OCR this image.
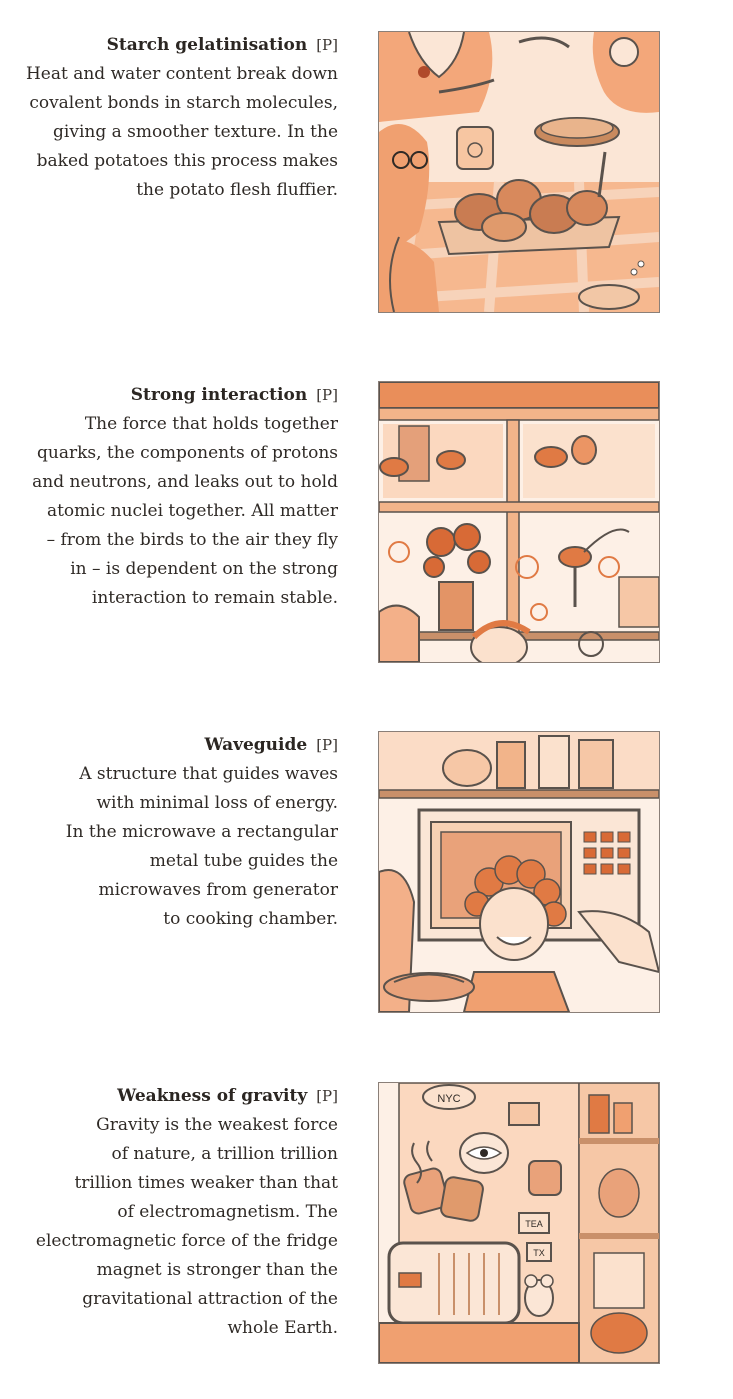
Starch gelatinisation [P]

Heat and water content break down
covalent bonds in starch molecules,
giving a smoother texture. In the
baked potatoes this process makes
the potato flesh fluffier.

Strong interaction [P]

The force that holds together
quarks, the components of protons
and neutrons, and leaks out to hold
atomic nuclei together. All matter
– from the birds to the air they fly
in – is dependent on the strong
interaction to remain stable.

Waveguide [P]

A structure that guides waves
with minimal loss of energy.
In the microwave a rectangular
metal tube guides the
microwaves from generator
to cooking chamber.

Weakness of gravity [P]

Gravity is the weakest force
of nature, a trillion trillion
trillion times weaker than that
of electromagnetism. The
electromagnetic force of the fridge
magnet is stronger than the
gravitational attraction of the
whole Earth.

NYC
TEA
TX
